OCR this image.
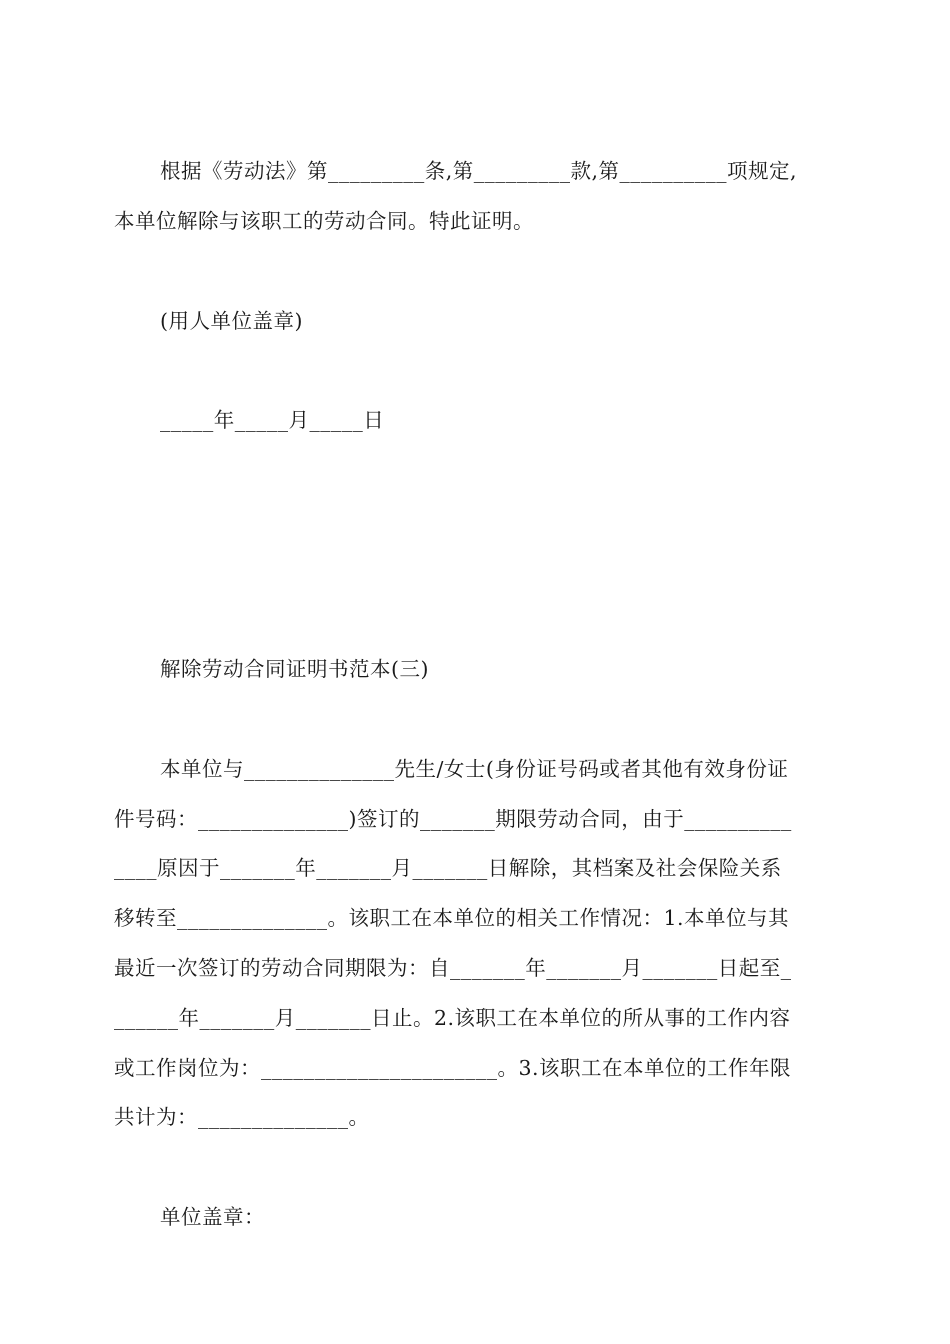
根据《劳动法》第_________条,第_________款,第__________项规定,
本单位解除与该职工的劳动合同。特此证明。
(用人单位盖章)
_____年_____月_____日
解除劳动合同证明书范本(三)
本单位与______________先生/女士(身份证号码或者其他有效身份证
件号码：______________)签订的_______期限劳动合同，由于__________
____原因于_______年_______月_______日解除，其档案及社会保险关系
移转至______________。该职工在本单位的相关工作情况：1.本单位与其
最近一次签订的劳动合同期限为：自_______年_______月_______日起至_
______年_______月_______日止。2.该职工在本单位的所从事的工作内容
或工作岗位为：______________________。3.该职工在本单位的工作年限
共计为：______________。
单位盖章：
